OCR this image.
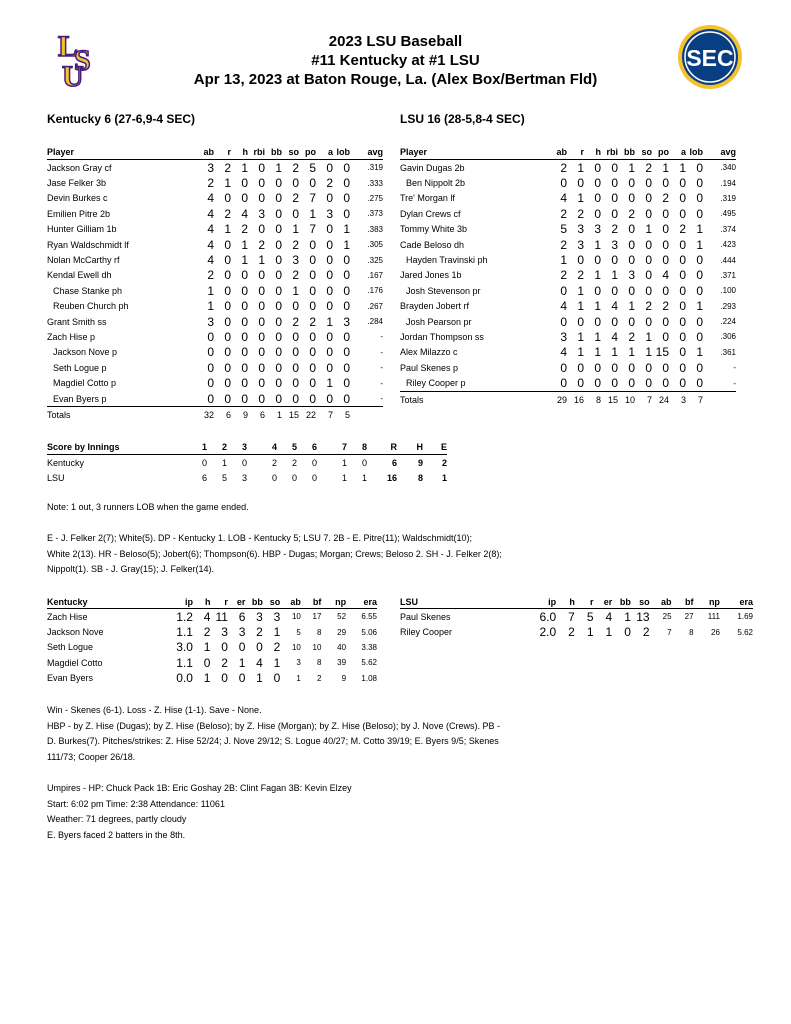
L
S
U
SEC
2023 LSU Baseball
#11 Kentucky at #1 LSU
Apr 13, 2023 at Baton Rouge, La. (Alex Box/Bertman Fld)
Kentucky 6 (27-6,9-4 SEC)	LSU 16 (28-5,8-4 SEC)
Player	ab	r	h	rbi	bb	so	po	a	lob	avg
Jackson Gray cf	3	2	1	0	1	2	5	0	0	.319
Jase Felker 3b	2	1	0	0	0	0	0	2	0	.333
Devin Burkes c	4	0	0	0	0	2	7	0	0	.275
Emilien Pitre 2b	4	2	4	3	0	0	1	3	0	.373
Hunter Gilliam 1b	4	1	2	0	0	1	7	0	1	.383
Ryan Waldschmidt lf	4	0	1	2	0	2	0	0	1	.305
Nolan McCarthy rf	4	0	1	1	0	3	0	0	0	.325
Kendal Ewell dh	2	0	0	0	0	2	0	0	0	.167
Chase Stanke ph	1	0	0	0	0	1	0	0	0	.176
Reuben Church ph	1	0	0	0	0	0	0	0	0	.267
Grant Smith ss	3	0	0	0	0	2	2	1	3	.284
Zach Hise p	0	0	0	0	0	0	0	0	0	-
Jackson Nove p	0	0	0	0	0	0	0	0	0	-
Seth Logue p	0	0	0	0	0	0	0	0	0	-
Magdiel Cotto p	0	0	0	0	0	0	0	1	0	-
Evan Byers p	0	0	0	0	0	0	0	0	0	-
Totals	32	6	9	6	1	15	22	7	5	
Player	ab	r	h	rbi	bb	so	po	a	lob	avg
Gavin Dugas 2b	2	1	0	0	1	2	1	1	0	.340
Ben Nippolt 2b	0	0	0	0	0	0	0	0	0	.194
Tre' Morgan lf	4	1	0	0	0	0	2	0	0	.319
Dylan Crews cf	2	2	0	0	2	0	0	0	0	.495
Tommy White 3b	5	3	3	2	0	1	0	2	1	.374
Cade Beloso dh	2	3	1	3	0	0	0	0	1	.423
Hayden Travinski ph	1	0	0	0	0	0	0	0	0	.444
Jared Jones 1b	2	2	1	1	3	0	4	0	0	.371
Josh Stevenson pr	0	1	0	0	0	0	0	0	0	.100
Brayden Jobert rf	4	1	1	4	1	2	2	0	1	.293
Josh Pearson pr	0	0	0	0	0	0	0	0	0	.224
Jordan Thompson ss	3	1	1	4	2	1	0	0	0	.306
Alex Milazzo c	4	1	1	1	1	1	15	0	1	.361
Paul Skenes p	0	0	0	0	0	0	0	0	0	-
Riley Cooper p	0	0	0	0	0	0	0	0	0	-
Totals	29	16	8	15	10	7	24	3	7	
Score by Innings	1	2	3	4	5	6	7	8	R	H	E
Kentucky	0	1	0	2	2	0	1	0	6	9	2
LSU	6	5	3	0	0	0	1	1	16	8	1
Note: 1 out, 3 runners LOB when the game ended.
E - J. Felker 2(7); White(5). DP - Kentucky 1. LOB - Kentucky 5; LSU 7. 2B - E. Pitre(11); Waldschmidt(10);
White 2(13). HR - Beloso(5); Jobert(6); Thompson(6). HBP - Dugas; Morgan; Crews; Beloso 2. SH - J. Felker 2(8);
Nippolt(1). SB - J. Gray(15); J. Felker(14).
Kentucky	ip	h	r	er	bb	so	ab	bf	np	era
Zach Hise	1.2	4	11	6	3	3	10	17	52	6.55
Jackson Nove	1.1	2	3	3	2	1	5	8	29	5.06
Seth Logue	3.0	1	0	0	0	2	10	10	40	3.38
Magdiel Cotto	1.1	0	2	1	4	1	3	8	39	5.62
Evan Byers	0.0	1	0	0	1	0	1	2	9	1.08
LSU	ip	h	r	er	bb	so	ab	bf	np	era
Paul Skenes	6.0	7	5	4	1	13	25	27	111	1.69
Riley Cooper	2.0	2	1	1	0	2	7	8	26	5.62
Win - Skenes (6-1). Loss - Z. Hise (1-1). Save - None.
HBP - by Z. Hise (Dugas); by Z. Hise (Beloso); by Z. Hise (Morgan); by Z. Hise (Beloso); by J. Nove (Crews). PB -
D. Burkes(7). Pitches/strikes: Z. Hise 52/24; J. Nove 29/12; S. Logue 40/27; M. Cotto 39/19; E. Byers 9/5; Skenes
111/73; Cooper 26/18.
Umpires - HP: Chuck Pack 1B: Eric Goshay 2B: Clint Fagan 3B: Kevin Elzey
Start: 6:02 pm Time: 2:38 Attendance: 11061
Weather: 71 degrees, partly cloudy
E. Byers faced 2 batters in the 8th.
